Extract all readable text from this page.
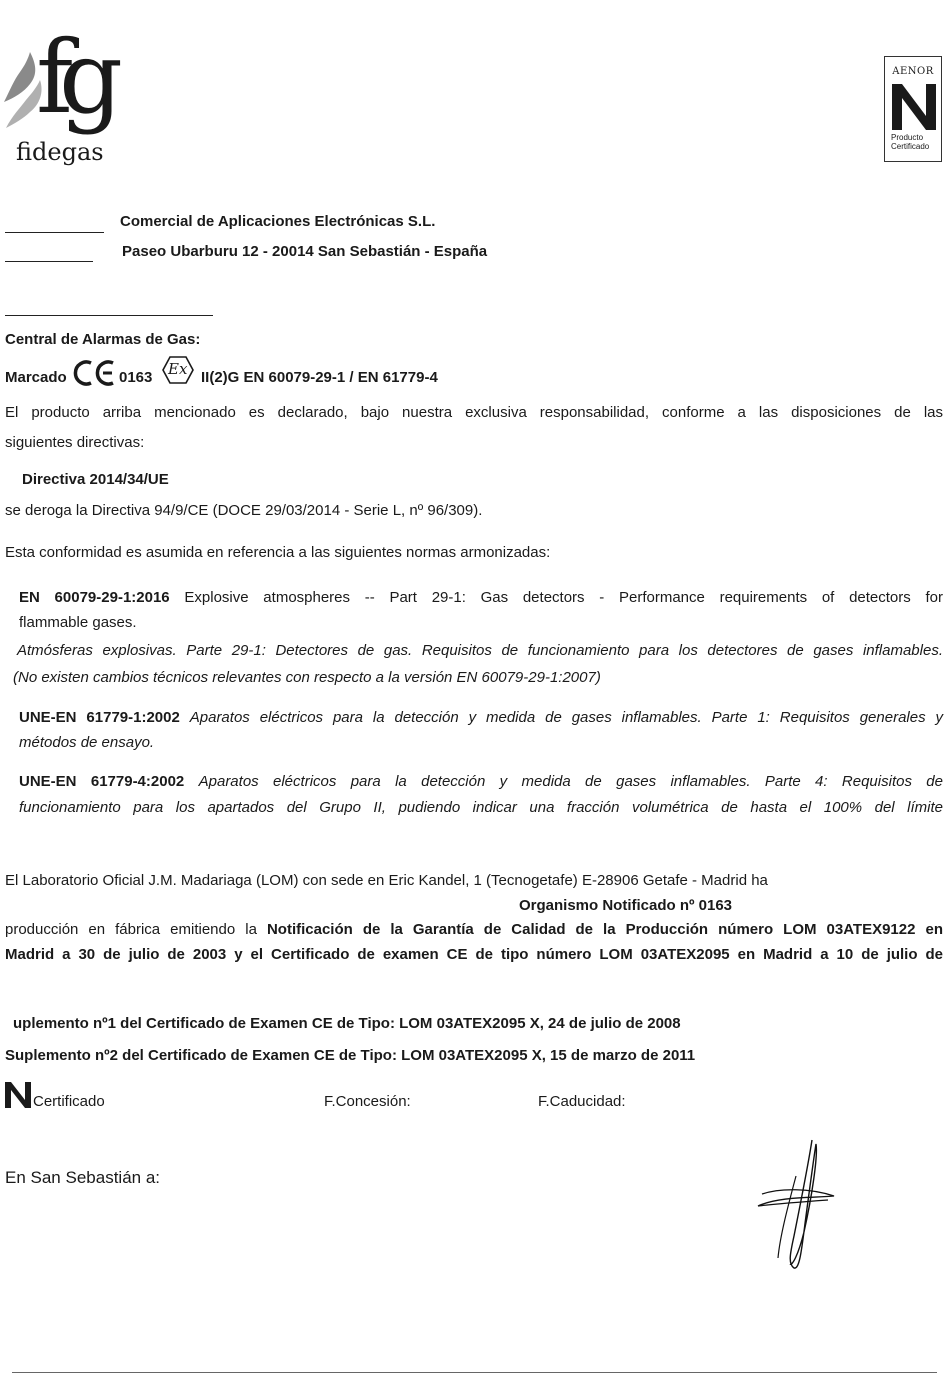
fg
fidegas
AENOR
Producto
Certificado
Comercial de Aplicaciones Electrónicas S.L.
Paseo Ubarburu 12 - 20014 San Sebastián - España
Central de Alarmas de Gas:
Marcado	0163 Ex II(2)G EN 60079-29-1 / EN 61779-4

El producto arriba mencionado es declarado, bajo nuestra exclusiva responsabilidad, conforme a las disposiciones de las

siguientes directivas:

Directiva 2014/34/UE

se deroga la Directiva 94/9/CE (DOCE 29/03/2014 - Serie L, nº 96/309).

Esta conformidad es asumida en referencia a las siguientes normas armonizadas:

EN 60079-29-1:2016 Explosive atmospheres -- Part 29-1: Gas detectors - Performance requirements of detectors for

flammable gases.

Atmósferas explosivas. Parte 29-1: Detectores de gas. Requisitos de funcionamiento para los detectores de gases inflamables.

(No existen cambios técnicos relevantes con respecto a la versión EN 60079-29-1:2007)

UNE-EN 61779-1:2002 Aparatos eléctricos para la detección y medida de gases inflamables. Parte 1: Requisitos generales y

métodos de ensayo.

UNE-EN 61779-4:2002 Aparatos eléctricos para la detección y medida de gases inflamables. Parte 4: Requisitos de

funcionamiento para los apartados del Grupo II, pudiendo indicar una fracción volumétrica de hasta el 100% del límite

El Laboratorio Oficial J.M. Madariaga (LOM) con sede en Eric Kandel, 1 (Tecnogetafe) E-28906 Getafe - Madrid ha

Organismo Notificado nº 0163

producción en fábrica emitiendo la Notificación de la Garantía de Calidad de la Producción número LOM 03ATEX9122 en

Madrid a 30 de julio de 2003 y el Certificado de examen CE de tipo número LOM 03ATEX2095 en Madrid a 10 de julio de

uplemento nº1 del Certificado de Examen CE de Tipo: LOM 03ATEX2095 X, 24 de julio de 2008

Suplemento nº2 del Certificado de Examen CE de Tipo: LOM 03ATEX2095 X, 15 de marzo de 2011

Certificado	F.Concesión:	F.Caducidad:

En San Sebastián a:
